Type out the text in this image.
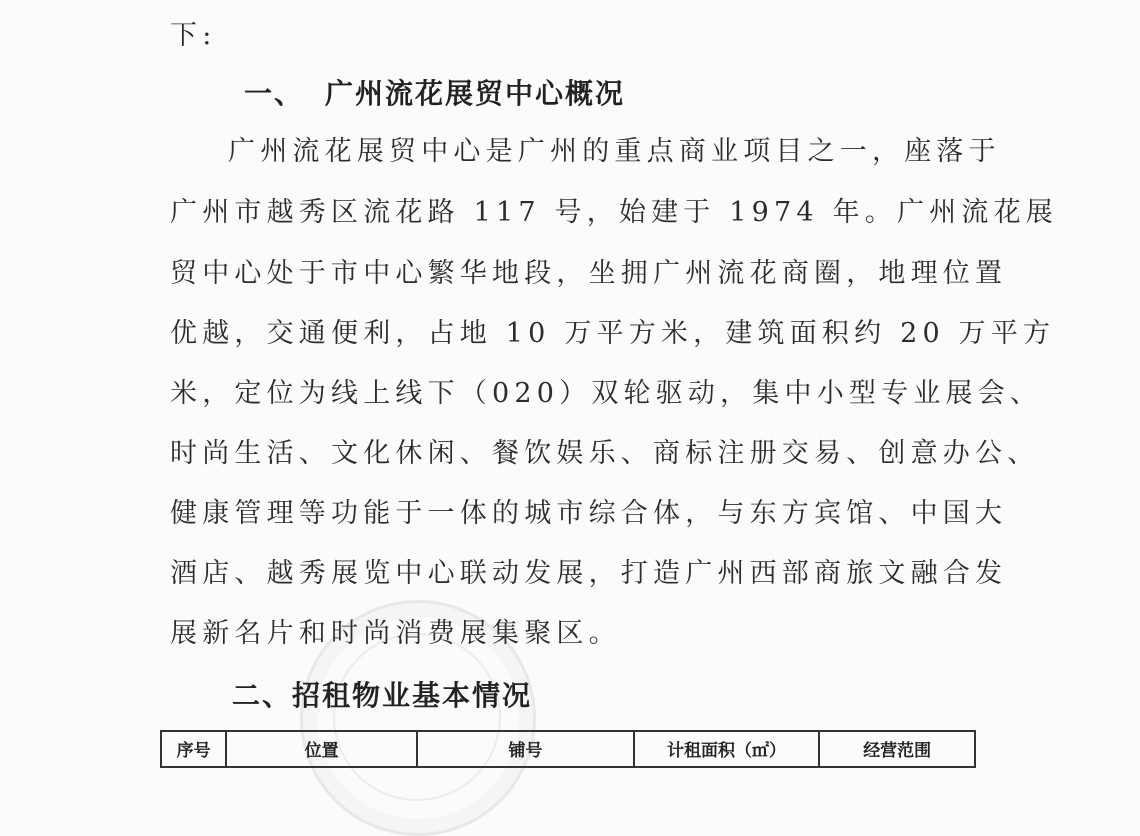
下:
一、 广州流花展贸中心概况
广州流花展贸中心是广州的重点商业项目之一，座落于
广州市越秀区流花路 117 号，始建于 1974 年。广州流花展
贸中心处于市中心繁华地段，坐拥广州流花商圈，地理位置
优越，交通便利，占地 10 万平方米，建筑面积约 20 万平方
米，定位为线上线下（020）双轮驱动，集中小型专业展会、
时尚生活、文化休闲、餐饮娱乐、商标注册交易、创意办公、
健康管理等功能于一体的城市综合体，与东方宾馆、中国大
酒店、越秀展览中心联动发展，打造广州西部商旅文融合发
展新名片和时尚消费展集聚区。
二、招租物业基本情况
序号	位置	铺号	计租面积（㎡）	经营范围
